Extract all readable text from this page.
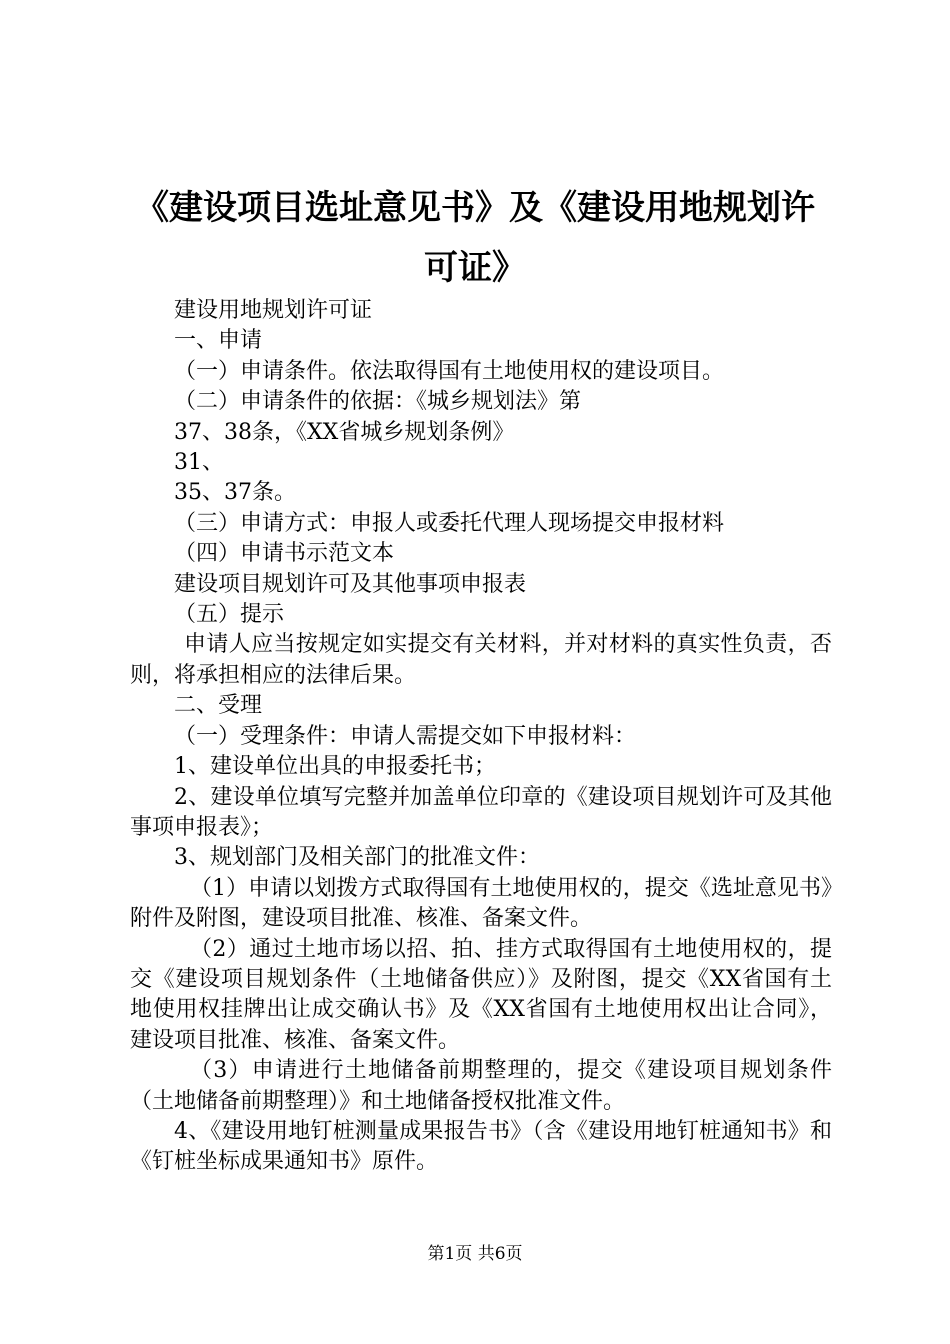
《建设项目选址意见书》及《建设用地规划许
可证》

建设用地规划许可证

一、申请

（一）申请条件。依法取得国有土地使用权的建设项目。

（二）申请条件的依据：《城乡规划法》第

37、38条，《XX省城乡规划条例》

31、

35、37条。

（三）申请方式：申报人或委托代理人现场提交申报材料

（四）申请书示范文本

建设项目规划许可及其他事项申报表

（五）提示

申请人应当按规定如实提交有关材料，并对材料的真实性负责，否则，将承担相应的法律后果。

二、受理

（一）受理条件：申请人需提交如下申报材料：

1、建设单位出具的申报委托书；

2、建设单位填写完整并加盖单位印章的《建设项目规划许可及其他事项申报表》；

3、规划部门及相关部门的批准文件：

（1）申请以划拨方式取得国有土地使用权的，提交《选址意见书》附件及附图，建设项目批准、核准、备案文件。

（2）通过土地市场以招、拍、挂方式取得国有土地使用权的，提交《建设项目规划条件（土地储备供应）》及附图，提交《XX省国有土地使用权挂牌出让成交确认书》及《XX省国有土地使用权出让合同》，建设项目批准、核准、备案文件。

（3）申请进行土地储备前期整理的，提交《建设项目规划条件（土地储备前期整理）》和土地储备授权批准文件。

4、《建设用地钉桩测量成果报告书》（含《建设用地钉桩通知书》和《钉桩坐标成果通知书》原件。

第1页 共6页
